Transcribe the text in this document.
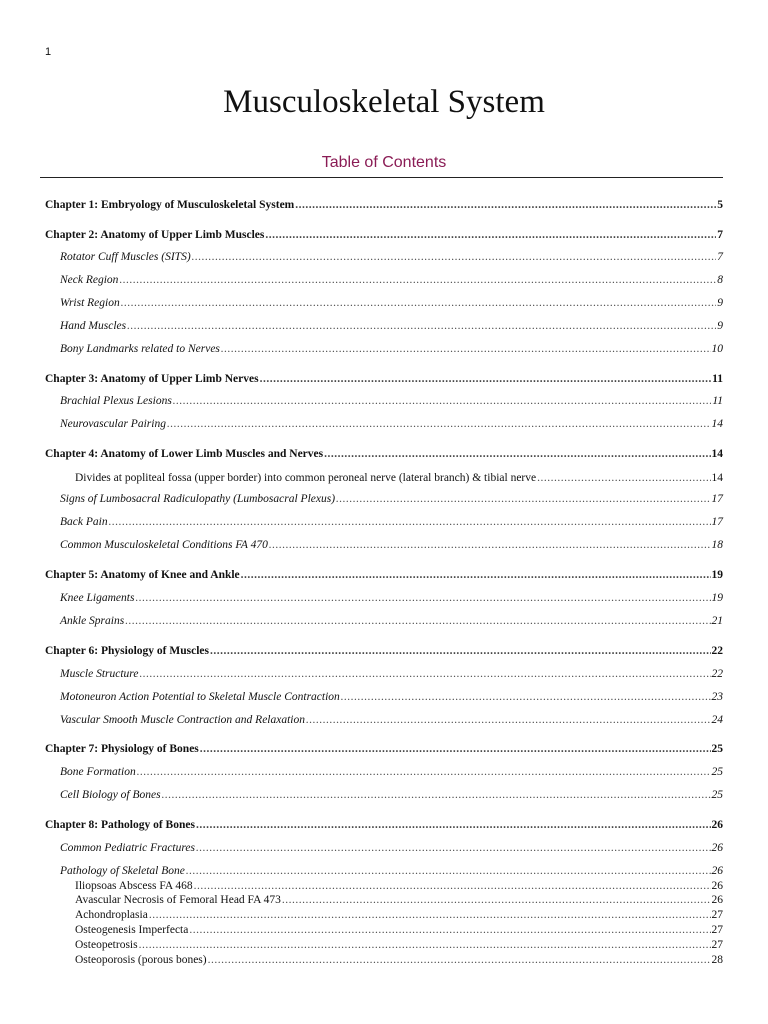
1
Musculoskeletal System
Table of Contents
Chapter 1: Embryology of Musculoskeletal System .....	5
Chapter 2: Anatomy of Upper Limb Muscles .....	7
Rotator Cuff Muscles (SITS) .....	7
Neck Region .....	8
Wrist Region .....	9
Hand Muscles .....	9
Bony Landmarks related to Nerves .....	10
Chapter 3: Anatomy of Upper Limb Nerves .....	11
Brachial Plexus Lesions .....	11
Neurovascular Pairing .....	14
Chapter 4: Anatomy of Lower Limb Muscles and Nerves .....	14
Divides at popliteal fossa (upper border) into common peroneal nerve (lateral branch) & tibial nerve .....	14
Signs of Lumbosacral Radiculopathy (Lumbosacral Plexus) .....	17
Back Pain .....	17
Common Musculoskeletal Conditions FA 470 .....	18
Chapter 5: Anatomy of Knee and Ankle .....	19
Knee Ligaments .....	19
Ankle Sprains .....	21
Chapter 6: Physiology of Muscles .....	22
Muscle Structure .....	22
Motoneuron Action Potential to Skeletal Muscle Contraction .....	23
Vascular Smooth Muscle Contraction and Relaxation .....	24
Chapter 7: Physiology of Bones .....	25
Bone Formation .....	25
Cell Biology of Bones .....	25
Chapter 8: Pathology of Bones .....	26
Common Pediatric Fractures .....	26
Pathology of Skeletal Bone .....	26
Iliopsoas Abscess FA 468 .....	26
Avascular Necrosis of Femoral Head FA 473 .....	26
Achondroplasia .....	27
Osteogenesis Imperfecta .....	27
Osteopetrosis .....	27
Osteoporosis (porous bones) .....	28
